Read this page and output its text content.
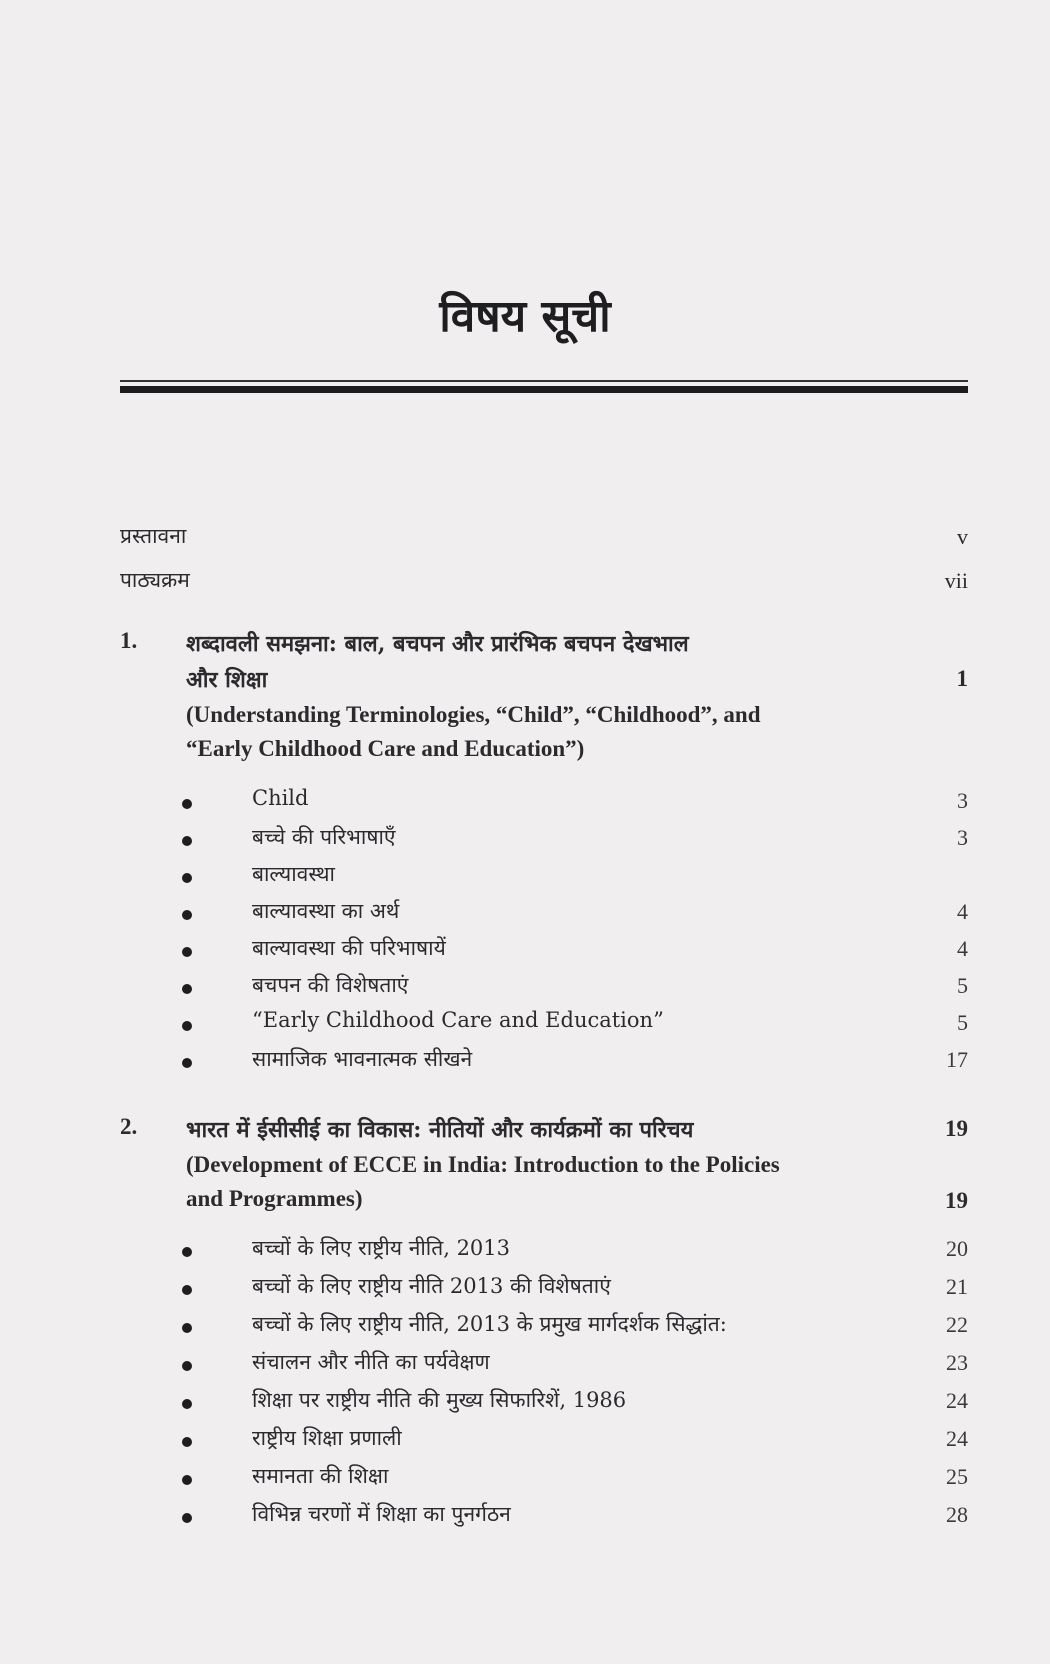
विषय सूची
प्रस्तावना	v
पाठ्यक्रम	vii
1. शब्दावली समझना: बाल, बचपन और प्रारंभिक बचपन देखभाल
और शिक्षा	1
(Understanding Terminologies, “Child”, “Childhood”, and
“Early Childhood Care and Education”)
Child	3
बच्चे की परिभाषाएँ	3
बाल्यावस्था
बाल्यावस्था का अर्थ	4
बाल्यावस्था की परिभाषायें	4
बचपन की विशेषताएं	5
“Early Childhood Care and Education”	5
सामाजिक भावनात्मक सीखने	17
2. भारत में ईसीसीई का विकास: नीतियों और कार्यक्रमों का परिचय	19
(Development of ECCE in India: Introduction to the Policies
and Programmes)	19
बच्चों के लिए राष्ट्रीय नीति, 2013	20
बच्चों के लिए राष्ट्रीय नीति 2013 की विशेषताएं	21
बच्चों के लिए राष्ट्रीय नीति, 2013 के प्रमुख मार्गदर्शक सिद्धांत:	22
संचालन और नीति का पर्यवेक्षण	23
शिक्षा पर राष्ट्रीय नीति की मुख्य सिफारिशें, 1986	24
राष्ट्रीय शिक्षा प्रणाली	24
समानता की शिक्षा	25
विभिन्न चरणों में शिक्षा का पुनर्गठन	28
